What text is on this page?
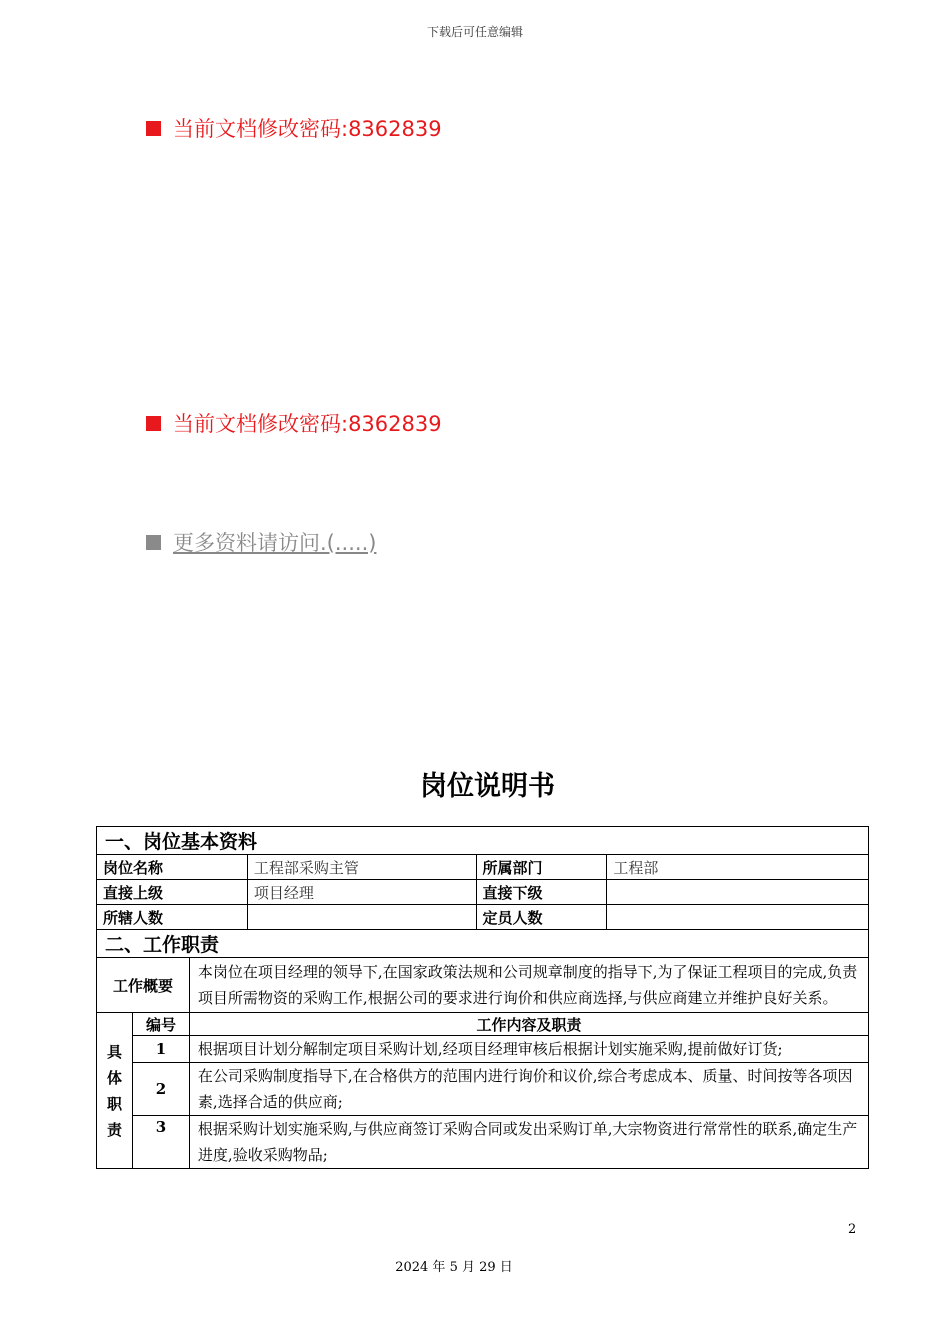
下载后可任意编辑
当前文档修改密码:8362839
当前文档修改密码:8362839
更多资料请访问.(.....)
岗位说明书
一、岗位基本资料					
岗位名称			工程部采购主管	所属部门	工程部
直接上级			项目经理	直接下级	
所辖人数				定员人数	
二、工作职责					
工作概要		本岗位在项目经理的领导下,在国家政策法规和公司规章制度的指导下,为了保证工程项目的完成,负责项目所需物资的采购工作,根据公司的要求进行询价和供应商选择,与供应商建立并维护良好关系。			
具
体
职
责	编号	工作内容及职责			
	1	根据项目计划分解制定项目采购计划,经项目经理审核后根据计划实施采购,提前做好订货;			
	2	在公司采购制度指导下,在合格供方的范围内进行询价和议价,综合考虑成本、质量、时间按等各项因素,选择合适的供应商;			
	3	根据采购计划实施采购,与供应商签订采购合同或发出采购订单,大宗物资进行常常性的联系,确定生产进度,验收采购物品;			
2
2024 年 5 月 29 日
